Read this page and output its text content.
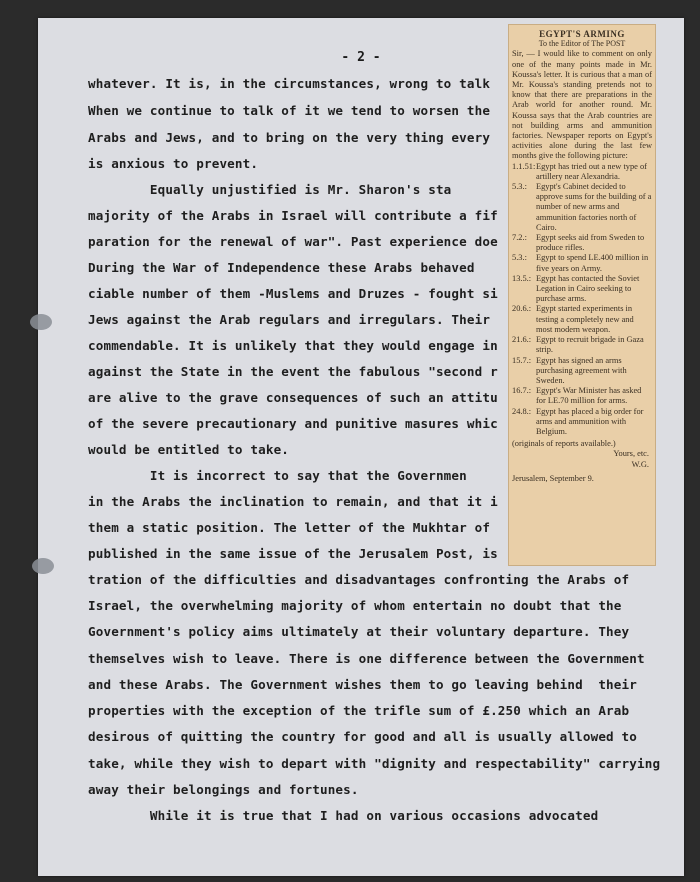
- 2 -
whatever. It is, in the circumstances, wrong to talk
When we continue to talk of it we tend to worsen the
Arabs and Jews, and to bring on the very thing every
is anxious to prevent.
Equally unjustified is Mr. Sharon's sta
majority of the Arabs in Israel will contribute a fif
paration for the renewal of war". Past experience doe
During the War of Independence these Arabs behaved
ciable number of them -Muslems and Druzes - fought si
Jews against the Arab regulars and irregulars. Their
commendable. It is unlikely that they would engage in
against the State in the event the fabulous "second r
are alive to the grave consequences of such an attitu
of the severe precautionary and punitive masures whic
would be entitled to take.
It is incorrect to say that the Governmen
in the Arabs the inclination to remain, and that it i
them a static position. The letter of the Mukhtar of
published in the same issue of the Jerusalem Post, is
tration of the difficulties and disadvantages confronting the Arabs of
Israel, the overwhelming majority of whom entertain no doubt that the
Government's policy aims ultimately at their voluntary departure. They
themselves wish to leave. There is one difference between the Government
and these Arabs. The Government wishes them to go leaving behind  their
properties with the exception of the trifle sum of £.250 which an Arab
desirous of quitting the country for good and all is usually allowed to
take, while they wish to depart with "dignity and respectability" carrying
away their belongings and fortunes.
While it is true that I had on various occasions advocated
EGYPT'S ARMING
To the Editor of The POST
Sir, — I would like to comment on only one of the many points made in Mr. Koussa's letter. It is curious that a man of Mr. Koussa's standing pretends not to know that there are preparations in the Arab world for another round. Mr. Koussa says that the Arab countries are not building arms and ammunition factories. Newspaper reports on Egypt's activities alone during the last few months give the following picture:
1.1.51: Egypt has tried out a new type of artillery near Alexandria.
5.3.:	Egypt's Cabinet decided to approve sums for the building of a number of new arms and ammunition factories north of Cairo.
7.2.:	Egypt seeks aid from Sweden to produce rifles.
5.3.:	Egypt to spend LE.400 million in five years on Army.
13.5.: Egypt has contacted the Soviet Legation in Cairo seeking to purchase arms.
20.6.: Egypt started experiments in testing a completely new and most modern weapon.
21.6.: Egypt to recruit brigade in Gaza strip.
15.7.: Egypt has signed an arms purchasing agreement with Sweden.
16.7.: Egypt's War Minister has asked for LE.70 million for arms.
24.8.: Egypt has placed a big order for arms and ammunition with Belgium.
(originals of reports available.)
Yours, etc.
W.G.
Jerusalem, September 9.
